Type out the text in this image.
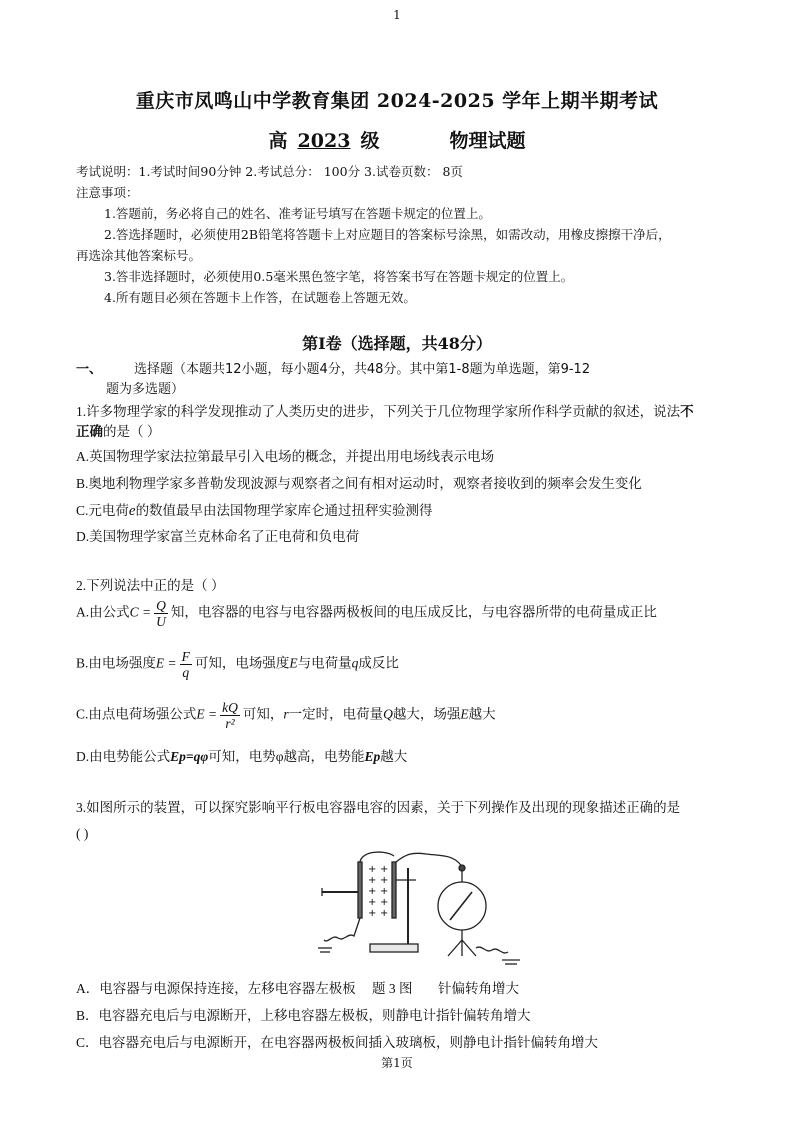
1
重庆市凤鸣山中学教育集团 2024-2025 学年上期半期考试
高 2023 级	物理试题
考试说明：1.考试时间90分钟 2.考试总分： 100分 3.试卷页数： 8页
注意事项：
1.答题前，务必将自己的姓名、准考证号填写在答题卡规定的位置上。
2.答选择题时，必须使用2B铅笔将答题卡上对应题目的答案标号涂黑，如需改动，用橡皮擦擦干净后，
再选涂其他答案标号。
3.答非选择题时，必须使用0.5毫米黑色签字笔，将答案书写在答题卡规定的位置上。
4.所有题目必须在答题卡上作答，在试题卷上答题无效。
第Ⅰ卷（选择题，共48分）
一、 选择题（本题共12小题，每小题4分，共48分。其中第1-8题为单选题，第9-12
题为多选题）
1.许多物理学家的科学发现推动了人类历史的进步，下列关于几位物理学家所作科学贡献的叙述，说法不
正确的是（ ）
A.英国物理学家法拉第最早引入电场的概念，并提出用电场线表示电场
B.奥地利物理学家多普勒发现波源与观察者之间有相对运动时，观察者接收到的频率会发生变化
C.元电荷e的数值最早由法国物理学家库仑通过扭秤实验测得
D.美国物理学家富兰克林命名了正电荷和负电荷
2.下列说法中正的是（ ）
A.由公式$C = \frac{Q}{U}$ 知，电容器的电容与电容器两极板间的电压成反比，与电容器所带的电荷量成正比
B.由电场强度$E = \frac{F}{q}$ 可知，电场强度E与电荷量q成反比
C.由点电荷场强公式$E = \frac{kQ}{\text{r²}}$ 可知，r一定时，电荷量Q越大，场强E越大
D.由电势能公式Ep=qφ可知，电势φ越高，电势能Ep越大
3.如图所示的装置，可以探究影响平行板电容器电容的因素，关于下列操作及出现的现象描述正确的是
( )
+
+
+
+
+
+
+
+
+
+
A．电容器与电源保持连接，左移电容器左极板 题 3 图 针偏转角增大
B．电容器充电后与电源断开，上移电容器左极板，则静电计指针偏转角增大
C．电容器充电后与电源断开，在电容器两极板间插入玻璃板，则静电计指针偏转角增大
第1页
